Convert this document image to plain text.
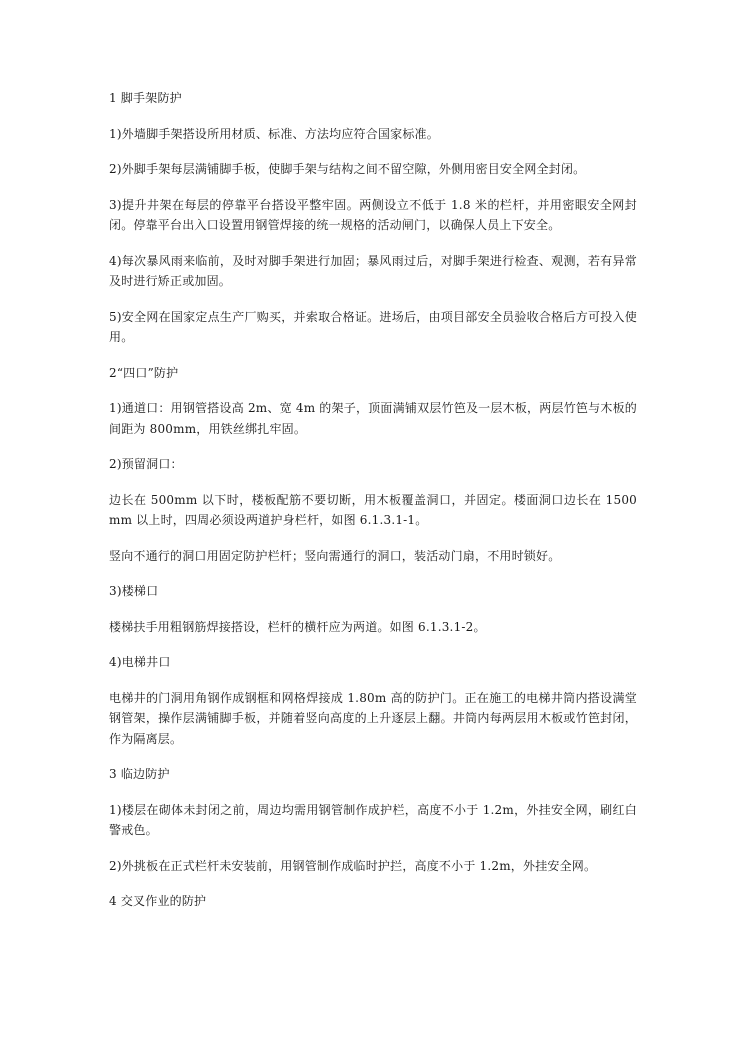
1 脚手架防护

1)外墙脚手架搭设所用材质、标准、方法均应符合国家标准。

2)外脚手架每层满铺脚手板，使脚手架与结构之间不留空隙，外侧用密目安全网全封闭。

3)提升井架在每层的停靠平台搭设平整牢固。两侧设立不低于 1.8 米的栏杆，并用密眼安全网封闭。停靠平台出入口设置用钢管焊接的统一规格的活动闸门，以确保人员上下安全。

4)每次暴风雨来临前，及时对脚手架进行加固；暴风雨过后，对脚手架进行检查、观测，若有异常及时进行矫正或加固。

5)安全网在国家定点生产厂购买，并索取合格证。进场后，由项目部安全员验收合格后方可投入使用。

2“四口”防护

1)通道口：用钢管搭设高 2m、宽 4m 的架子，顶面满铺双层竹笆及一层木板，两层竹笆与木板的间距为 800mm，用铁丝绑扎牢固。

2)预留洞口：

边长在 500mm 以下时，楼板配筋不要切断，用木板覆盖洞口，并固定。楼面洞口边长在 1500mm 以上时，四周必须设两道护身栏杆，如图 6.1.3.1-1。

竖向不通行的洞口用固定防护栏杆；竖向需通行的洞口，装活动门扇，不用时锁好。

3)楼梯口

楼梯扶手用粗钢筋焊接搭设，栏杆的横杆应为两道。如图 6.1.3.1-2。

4)电梯井口

电梯井的门洞用角钢作成钢框和网格焊接成 1.80m 高的防护门。正在施工的电梯井筒内搭设满堂钢管架，操作层满铺脚手板，并随着竖向高度的上升逐层上翻。井筒内每两层用木板或竹笆封闭，作为隔离层。

3 临边防护

1)楼层在砌体未封闭之前，周边均需用钢管制作成护栏，高度不小于 1.2m，外挂安全网，刷红白警戒色。

2)外挑板在正式栏杆未安装前，用钢管制作成临时护拦，高度不小于 1.2m，外挂安全网。

4 交叉作业的防护
